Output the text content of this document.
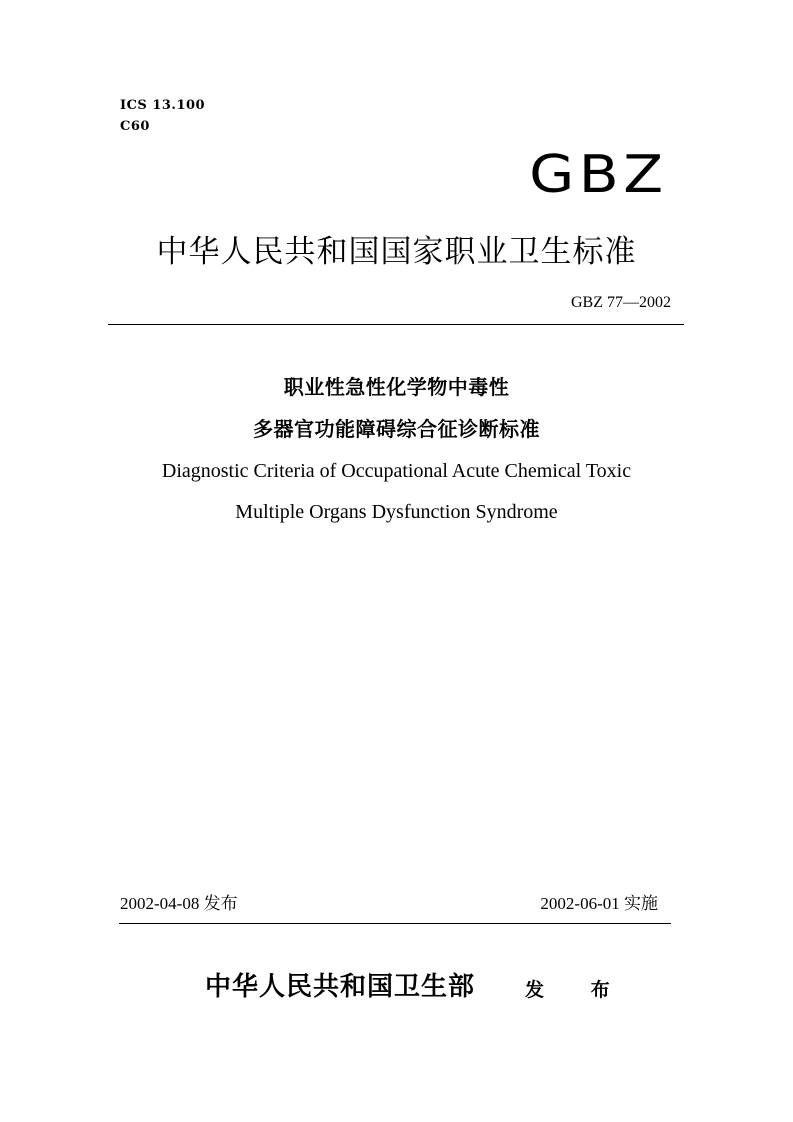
ICS 13.100
C60
GBZ
中华人民共和国国家职业卫生标准
GBZ 77—2002
职业性急性化学物中毒性
多器官功能障碍综合征诊断标准
Diagnostic Criteria of Occupational Acute Chemical Toxic
Multiple Organs Dysfunction Syndrome
2002-04-08 发布	2002-06-01 实施
中华人民共和国卫生部	发 布
